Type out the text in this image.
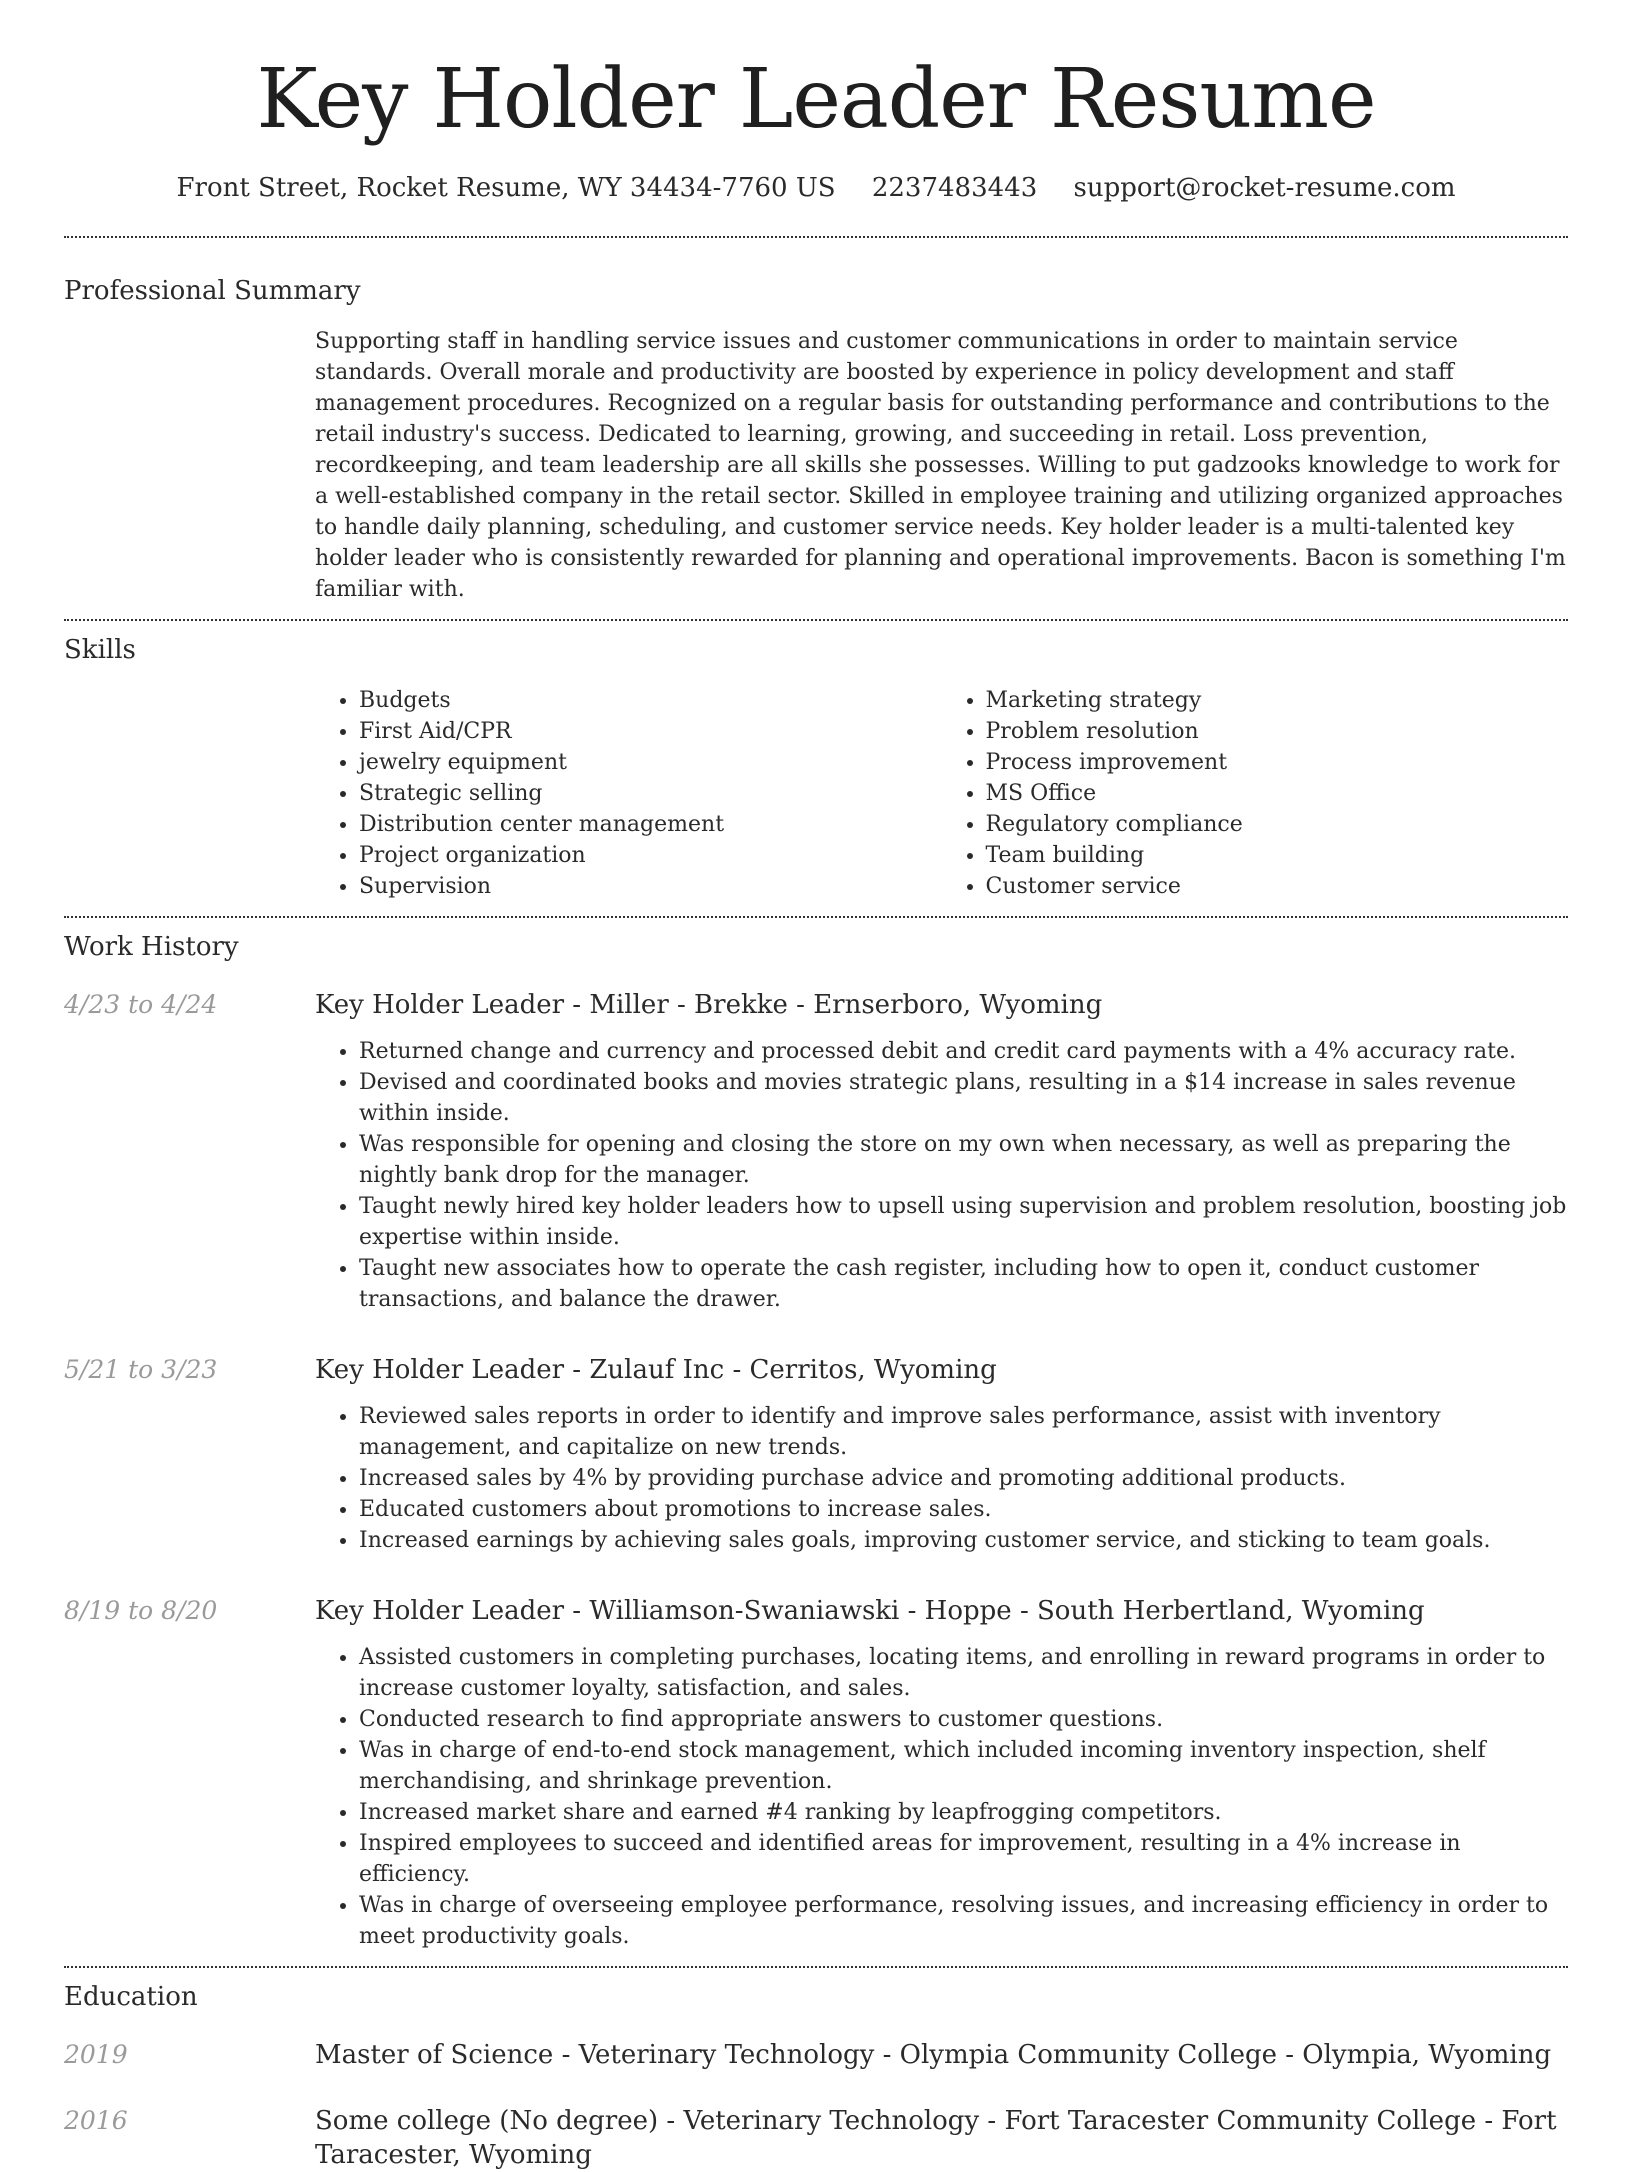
Key Holder Leader Resume
Front Street, Rocket Resume, WY 34434-7760 US 2237483443 support@rocket-resume.com
Professional Summary

Supporting staff in handling service issues and customer communications in order to maintain service standards. Overall morale and productivity are boosted by experience in policy development and staff management procedures. Recognized on a regular basis for outstanding performance and contributions to the retail industry's success. Dedicated to learning, growing, and succeeding in retail. Loss prevention, recordkeeping, and team leadership are all skills she possesses. Willing to put gadzooks knowledge to work for a well-established company in the retail sector. Skilled in employee training and utilizing organized approaches to handle daily planning, scheduling, and customer service needs. Key holder leader is a multi-talented key holder leader who is consistently rewarded for planning and operational improvements. Bacon is something I'm familiar with.

Skills
• Budgets
• First Aid/CPR
• jewelry equipment
• Strategic selling
• Distribution center management
• Project organization
• Supervision
• Marketing strategy
• Problem resolution
• Process improvement
• MS Office
• Regulatory compliance
• Team building
• Customer service
Work History
4/23 to 4/24	Key Holder Leader - Miller - Brekke - Ernserboro, Wyoming
• Returned change and currency and processed debit and credit card payments with a 4% accuracy rate.
• Devised and coordinated books and movies strategic plans, resulting in a $14 increase in sales revenue within inside.
• Was responsible for opening and closing the store on my own when necessary, as well as preparing the nightly bank drop for the manager.
• Taught newly hired key holder leaders how to upsell using supervision and problem resolution, boosting job expertise within inside.
• Taught new associates how to operate the cash register, including how to open it, conduct customer transactions, and balance the drawer.
5/21 to 3/23	Key Holder Leader - Zulauf Inc - Cerritos, Wyoming
• Reviewed sales reports in order to identify and improve sales performance, assist with inventory management, and capitalize on new trends.
• Increased sales by 4% by providing purchase advice and promoting additional products.
• Educated customers about promotions to increase sales.
• Increased earnings by achieving sales goals, improving customer service, and sticking to team goals.
8/19 to 8/20	Key Holder Leader - Williamson-Swaniawski - Hoppe - South Herbertland, Wyoming
• Assisted customers in completing purchases, locating items, and enrolling in reward programs in order to increase customer loyalty, satisfaction, and sales.
• Conducted research to find appropriate answers to customer questions.
• Was in charge of end-to-end stock management, which included incoming inventory inspection, shelf merchandising, and shrinkage prevention.
• Increased market share and earned #4 ranking by leapfrogging competitors.
• Inspired employees to succeed and identified areas for improvement, resulting in a 4% increase in efficiency.
• Was in charge of overseeing employee performance, resolving issues, and increasing efficiency in order to meet productivity goals.
Education
2019	Master of Science - Veterinary Technology - Olympia Community College - Olympia, Wyoming
2016	Some college (No degree) - Veterinary Technology - Fort Taracester Community College - Fort Taracester, Wyoming
